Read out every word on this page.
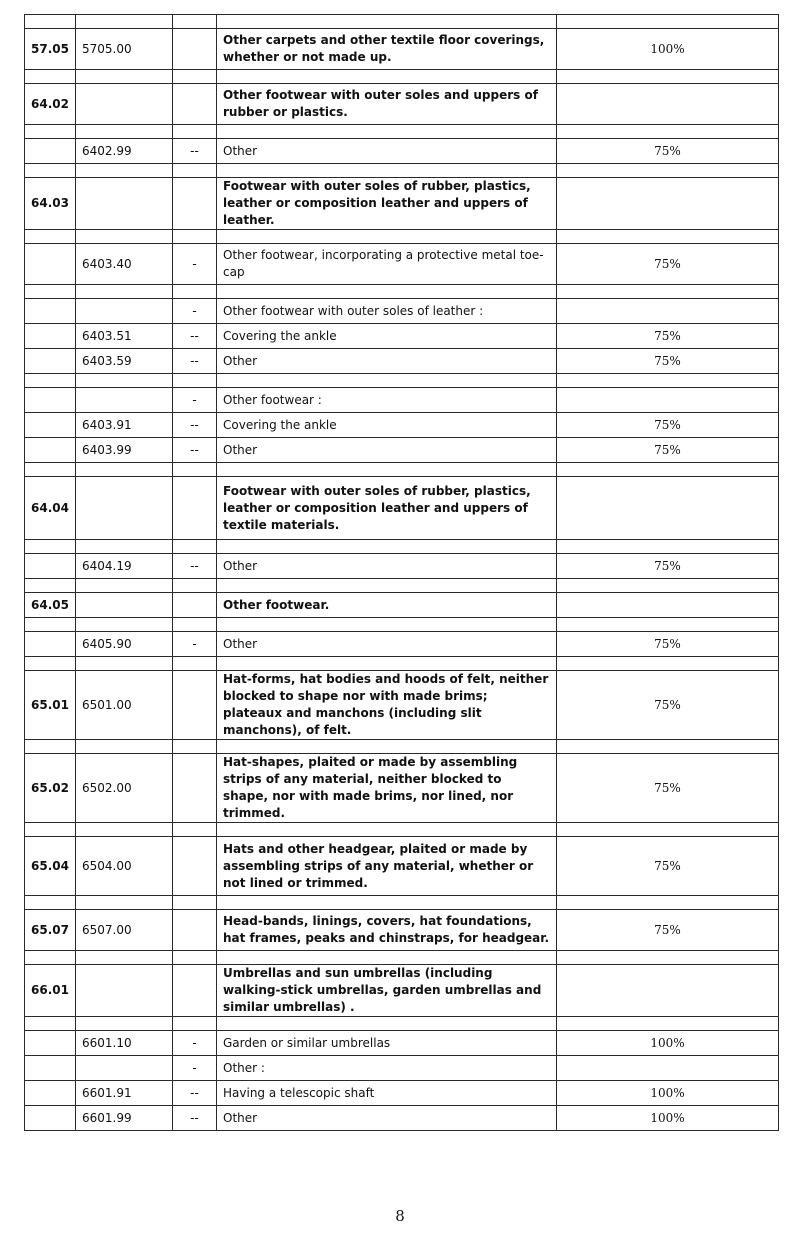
57.05	5705.00		Other carpets and other textile floor coverings, whether or not made up.	100%

64.02			Other footwear with outer soles and uppers of rubber or plastics.	

	6402.99	--	Other	75%

64.03			Footwear with outer soles of rubber, plastics, leather or composition leather and uppers of leather.	

	6403.40	-	Other footwear, incorporating a protective metal toe-cap	75%

		-	Other footwear with outer soles of leather :	
	6403.51	--	Covering the ankle	75%
	6403.59	--	Other	75%

		-	Other footwear :	
	6403.91	--	Covering the ankle	75%
	6403.99	--	Other	75%

64.04			Footwear with outer soles of rubber, plastics, leather or composition leather and uppers of textile materials.	

	6404.19	--	Other	75%

64.05			Other footwear.	

	6405.90	-	Other	75%

65.01	6501.00		Hat-forms, hat bodies and hoods of felt, neither blocked to shape nor with made brims; plateaux and manchons (including slit manchons), of felt.	75%

65.02	6502.00		Hat-shapes, plaited or made by assembling strips of any material, neither blocked to shape, nor with made brims, nor lined, nor trimmed.	75%

65.04	6504.00		Hats and other headgear, plaited or made by assembling strips of any material, whether or not lined or trimmed.	75%

65.07	6507.00		Head-bands, linings, covers, hat foundations, hat frames, peaks and chinstraps, for headgear.	75%

66.01			Umbrellas and sun umbrellas (including walking-stick umbrellas, garden umbrellas and similar umbrellas) .	

	6601.10	-	Garden or similar umbrellas	100%
		-	Other :	
	6601.91	--	Having a telescopic shaft	100%
	6601.99	--	Other	100%
8
